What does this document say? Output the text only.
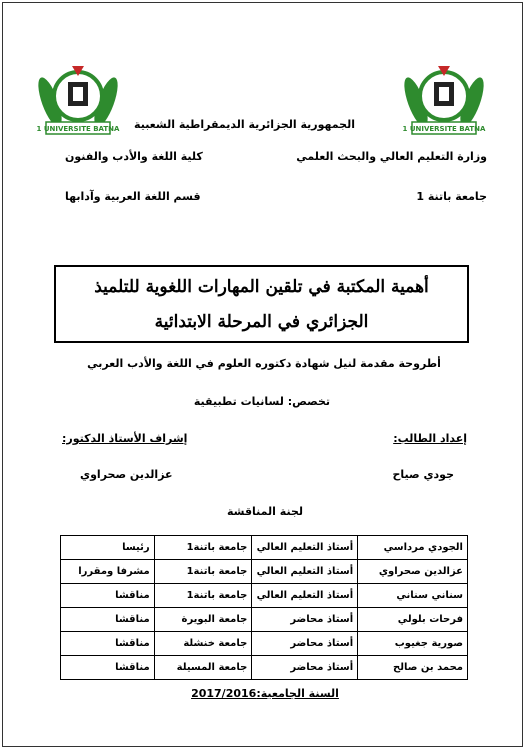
1 UNIVERSITE BATNA	1 UNIVERSITE BATNA
الجمهورية الجزائرية الديمقراطية الشعبية
وزارة التعليم العالي والبحث العلمي
كلية اللغة والأدب والفنون
جامعة باتنة 1
قسم اللغة العربية وآدابها
أهمية المكتبة في تلقين المهارات اللغوية للتلميذ
الجزائري في المرحلة الابتدائية
أطروحة مقدمة لنيل شهادة دكتوره العلوم في اللغة والأدب العربي
تخصص: لسانيات تطبيقية
إعداد الطالب:
إشراف الأستاذ الدكتور:
جودي صياح
عزالدين صحراوي
لجنة المناقشة
الجودي مرداسي	أستاذ التعليم العالي	جامعة باتنة1	رئيسا
عزالدين صحراوي	أستاذ التعليم العالي	جامعة باتنة1	مشرفا ومقررا
سناني سناني	أستاذ التعليم العالي	جامعة باتنة1	مناقشا
فرحات بلولي	أستاذ محاضر	جامعة البويرة	مناقشا
صورية جغيوب	أستاذ محاضر	جامعة خنشلة	مناقشا
محمد بن صالح	أستاذ محاضر	جامعة المسيلة	مناقشا
السنة الجامعية:2017/2016
